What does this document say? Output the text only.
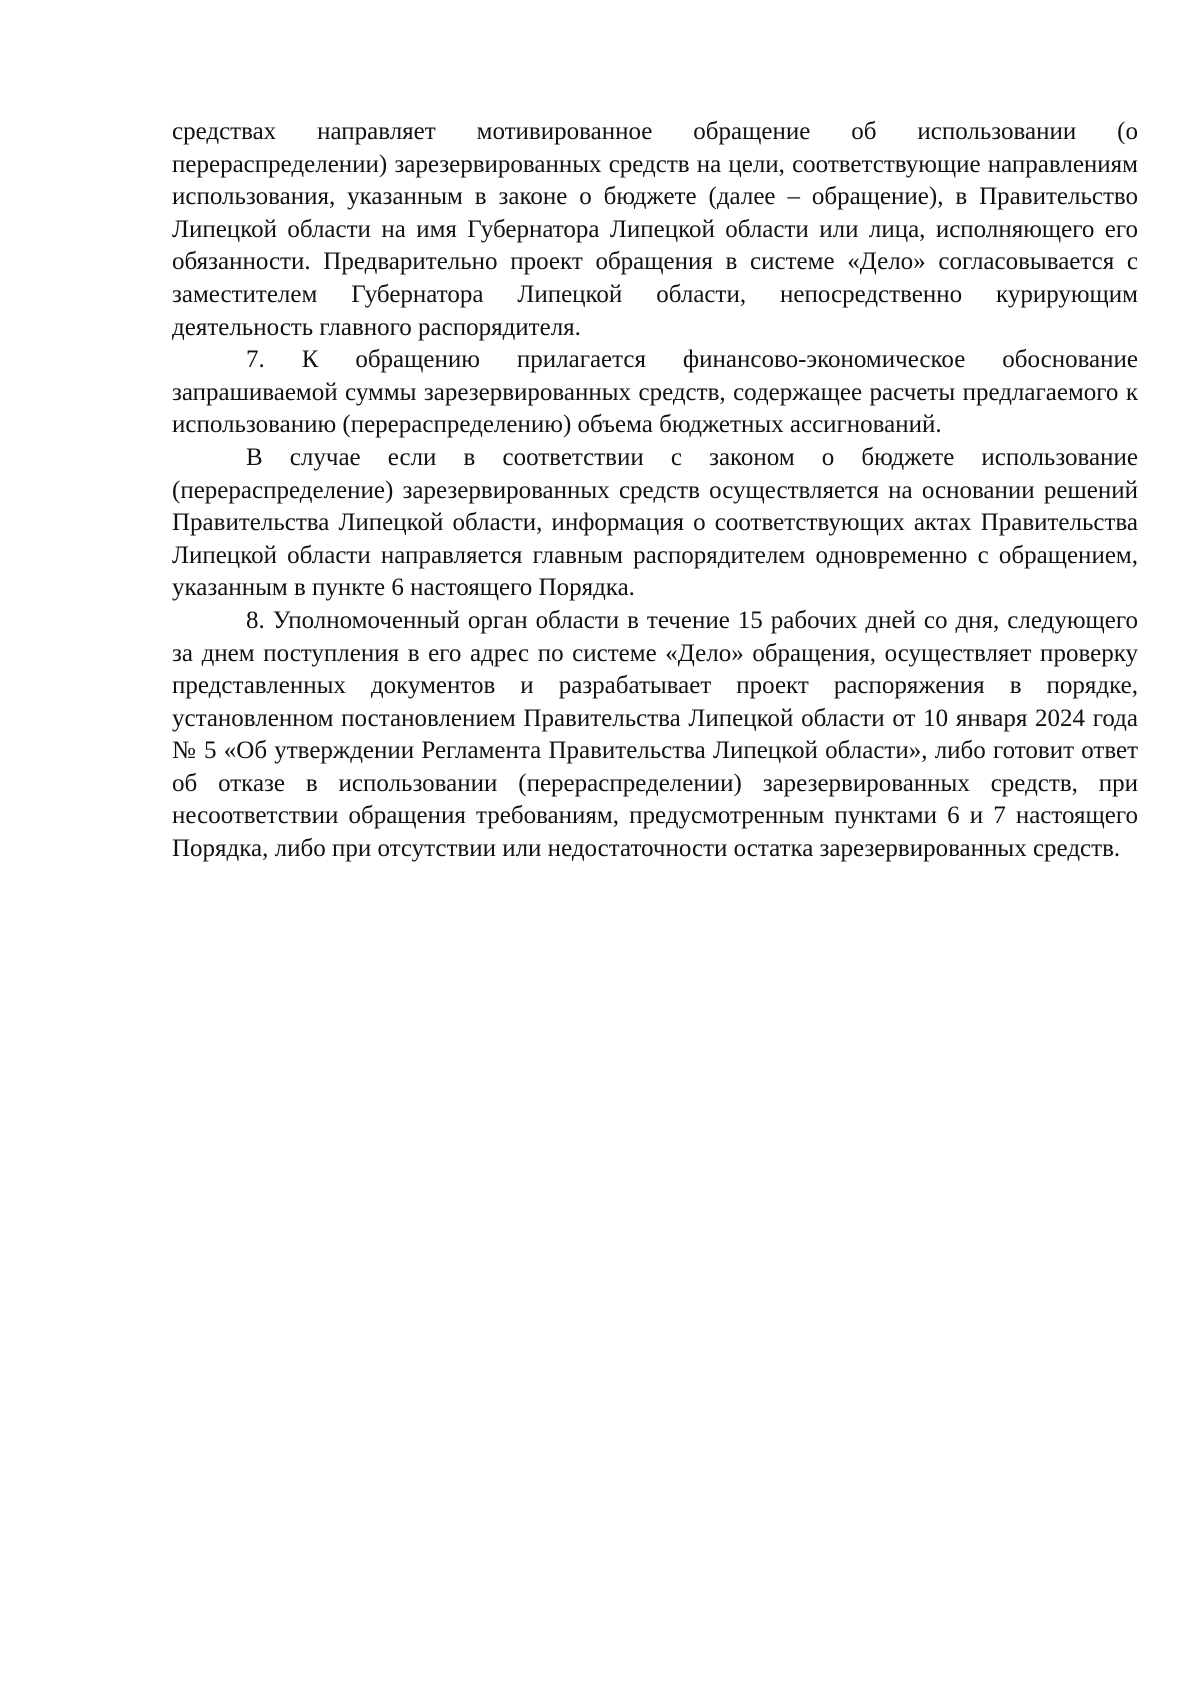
средствах направляет мотивированное обращение об использовании (о перераспределении) зарезервированных средств на цели, соответствующие направлениям использования, указанным в законе о бюджете (далее – обращение), в Правительство Липецкой области на имя Губернатора Липецкой области или лица, исполняющего его обязанности. Предварительно проект обращения в системе «Дело» согласовывается с заместителем Губернатора Липецкой области, непосредственно курирующим деятельность главного распорядителя.

7. К обращению прилагается финансово-экономическое обоснование запрашиваемой суммы зарезервированных средств, содержащее расчеты предлагаемого к использованию (перераспределению) объема бюджетных ассигнований.

В случае если в соответствии с законом о бюджете использование (перераспределение) зарезервированных средств осуществляется на основании решений Правительства Липецкой области, информация о соответствующих актах Правительства Липецкой области направляется главным распорядителем одновременно с обращением, указанным в пункте 6 настоящего Порядка.

8. Уполномоченный орган области в течение 15 рабочих дней со дня, следующего за днем поступления в его адрес по системе «Дело» обращения, осуществляет проверку представленных документов и разрабатывает проект распоряжения в порядке, установленном постановлением Правительства Липецкой области от 10 января 2024 года № 5 «Об утверждении Регламента Правительства Липецкой области», либо готовит ответ об отказе в использовании (перераспределении) зарезервированных средств, при несоответствии обращения требованиям, предусмотренным пунктами 6 и 7 настоящего Порядка, либо при отсутствии или недостаточности остатка зарезервированных средств.
